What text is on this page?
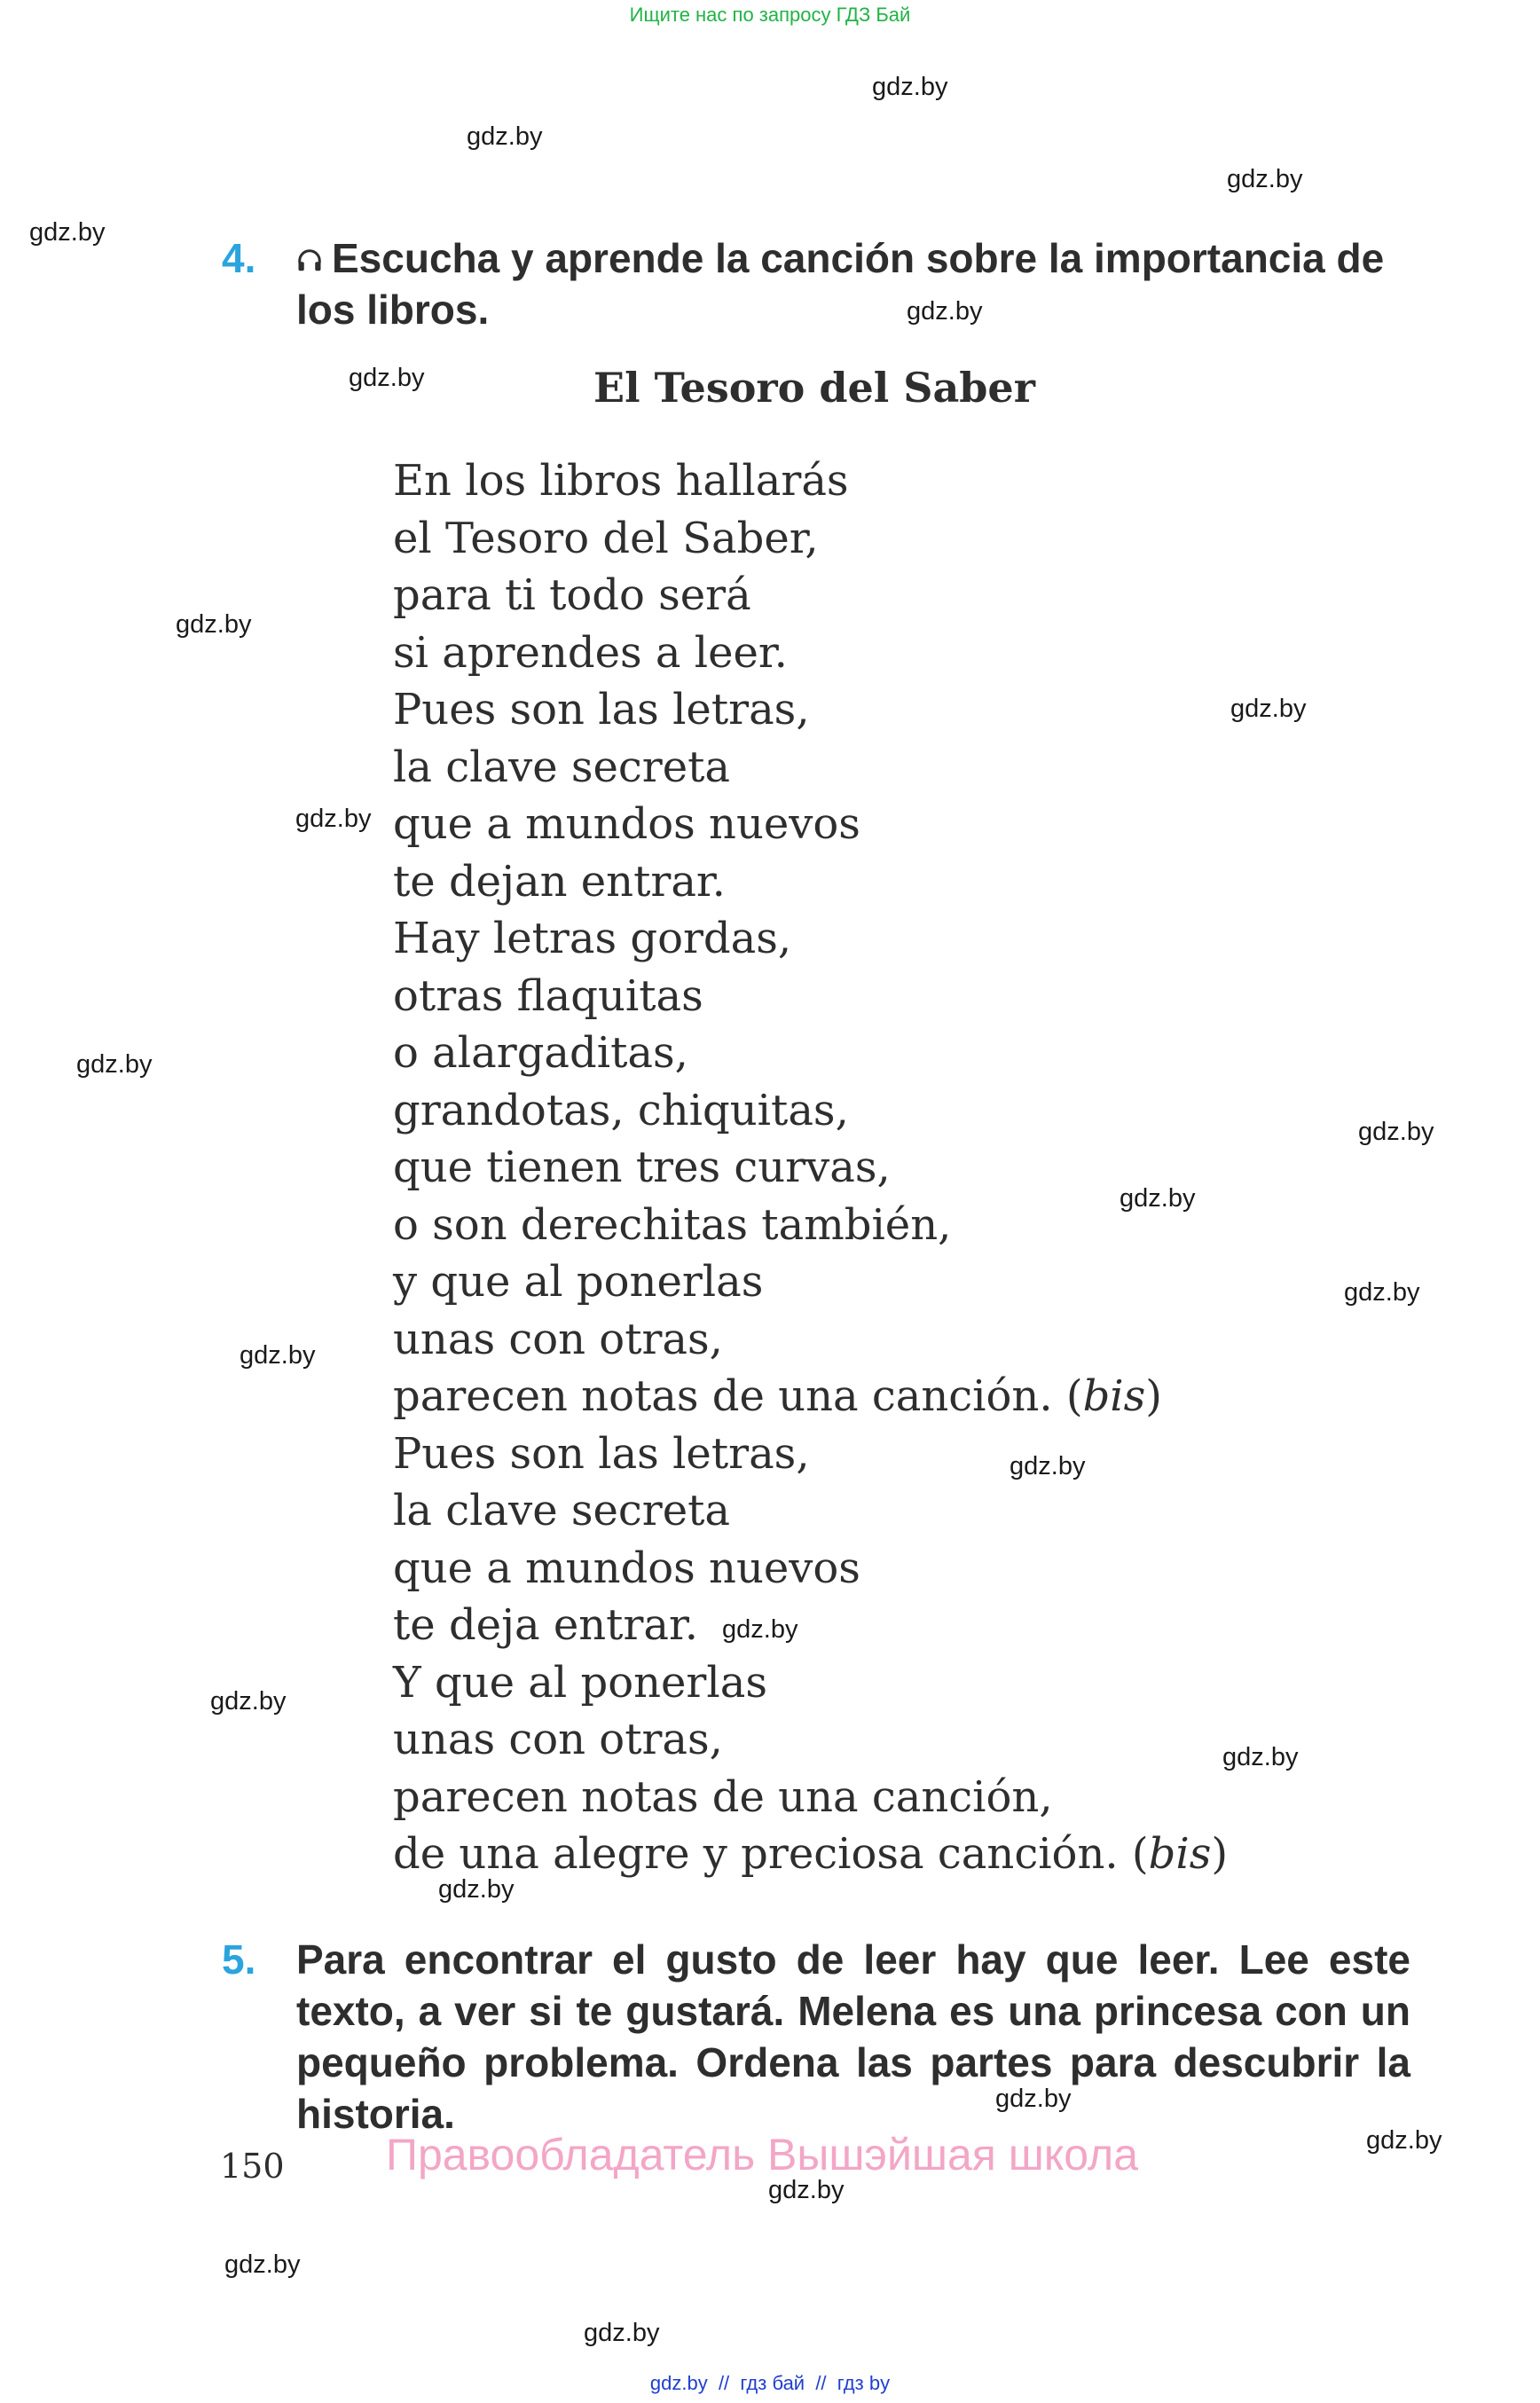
Ищите нас по запросу ГДЗ Бай
gdz.by
gdz.by
gdz.by
gdz.by
gdz.by
gdz.by
gdz.by
gdz.by
gdz.by
gdz.by
gdz.by
gdz.by
gdz.by
gdz.by
gdz.by
gdz.by
gdz.by
gdz.by
gdz.by
gdz.by
gdz.by
gdz.by
gdz.by
gdz.by
4.	Escucha y aprende la canción sobre la importancia de los libros.
El Tesoro del Saber
En los libros hallarás
el Tesoro del Saber,
para ti todo será
si aprendes a leer.
Pues son las letras,
la clave secreta
que a mundos nuevos
te dejan entrar.
Hay letras gordas,
otras flaquitas
o alargaditas,
grandotas, chiquitas,
que tienen tres curvas,
o son derechitas también,
y que al ponerlas
unas con otras,
parecen notas de una canción. (bis)
Pues son las letras,
la clave secreta
que a mundos nuevos
te deja entrar.
Y que al ponerlas
unas con otras,
parecen notas de una canción,
de una alegre y preciosa canción. (bis)
5. Para encontrar el gusto de leer hay que leer. Lee este texto, a ver si te gustará. Melena es una princesa con un pequeño problema. Ordena las partes para descubrir la historia.
150 Правообладатель Вышэйшая школа
gdz.by  //  гдз бай  //  гдз by
